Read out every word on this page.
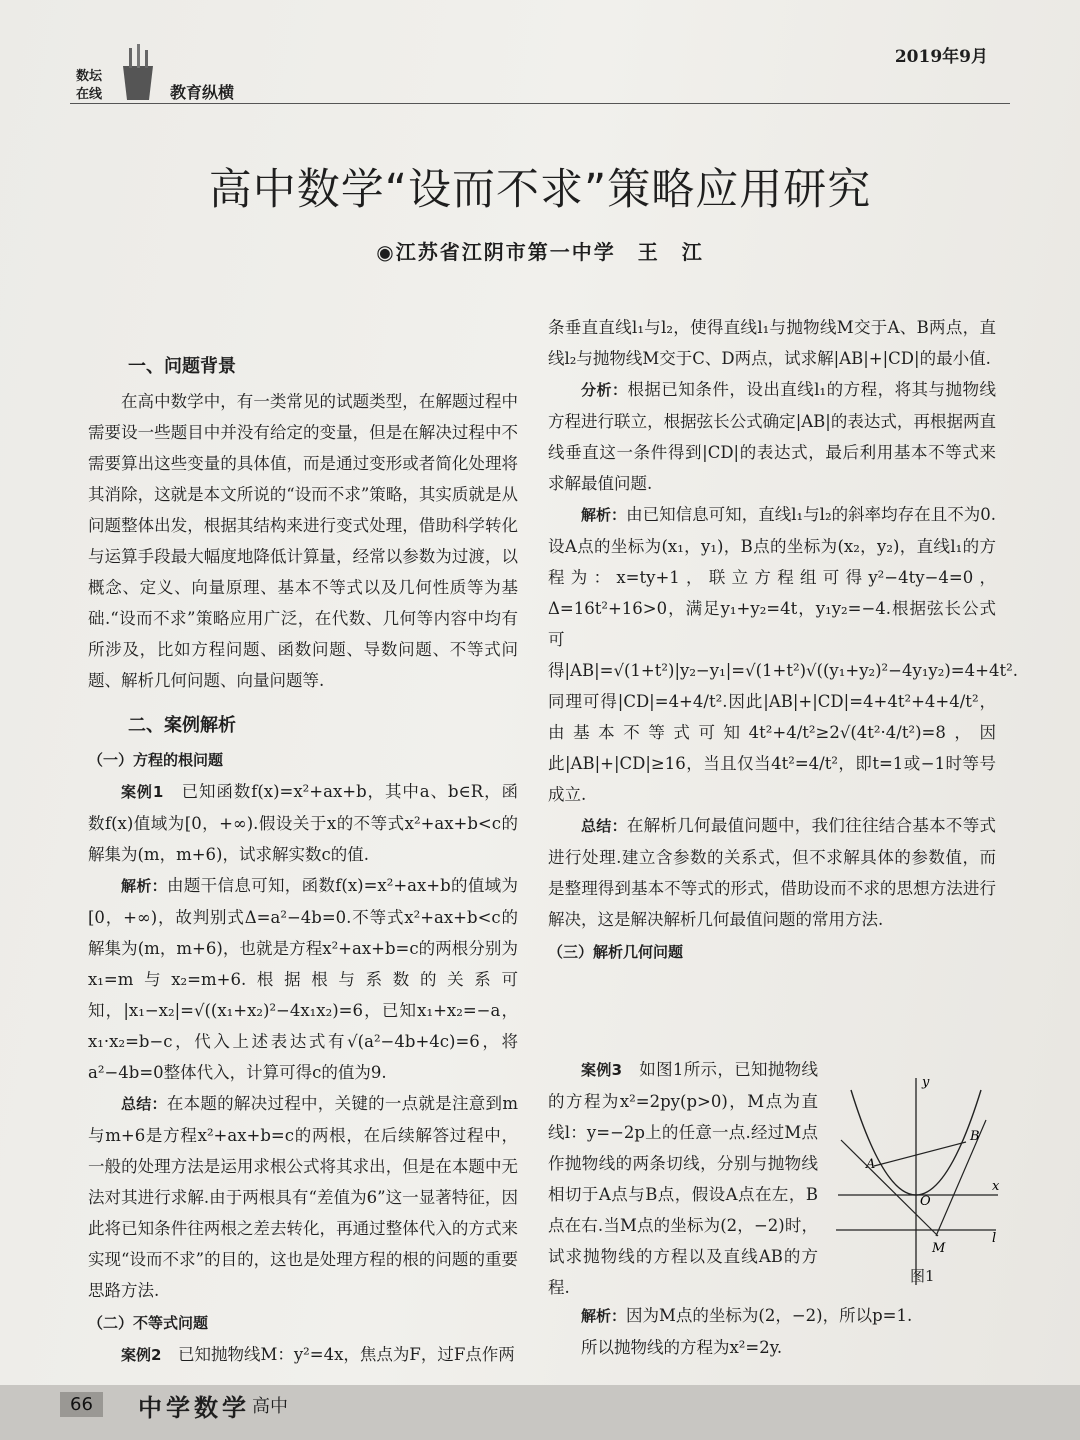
数坛
在线	教育纵横
2019年9月
高中数学“设而不求”策略应用研究
◉江苏省江阴市第一中学　王　江
一、问题背景

在高中数学中，有一类常见的试题类型，在解题过程中需要设一些题目中并没有给定的变量，但是在解决过程中不需要算出这些变量的具体值，而是通过变形或者简化处理将其消除，这就是本文所说的“设而不求”策略，其实质就是从问题整体出发，根据其结构来进行变式处理，借助科学转化与运算手段最大幅度地降低计算量，经常以参数为过渡，以概念、定义、向量原理、基本不等式以及几何性质等为基础.“设而不求”策略应用广泛，在代数、几何等内容中均有所涉及，比如方程问题、函数问题、导数问题、不等式问题、解析几何问题、向量问题等.

二、案例解析
（一）方程的根问题

案例1　 已知函数f(x)=x²+ax+b，其中a、b∈R，函数f(x)值域为[0，+∞).假设关于x的不等式x²+ax+b<c的解集为(m，m+6)，试求解实数c的值.

解析：由题干信息可知，函数f(x)=x²+ax+b的值域为[0，+∞)，故判别式Δ=a²−4b=0.不等式x²+ax+b<c的解集为(m，m+6)，也就是方程x²+ax+b=c的两根分别为x₁=m与x₂=m+6.根据根与系数的关系可知，|x₁−x₂|=√((x₁+x₂)²−4x₁x₂)=6，已知x₁+x₂=−a，x₁·x₂=b−c，代入上述表达式有√(a²−4b+4c)=6，将a²−4b=0整体代入，计算可得c的值为9.

总结：在本题的解决过程中，关键的一点就是注意到m与m+6是方程x²+ax+b=c的两根，在后续解答过程中，一般的处理方法是运用求根公式将其求出，但是在本题中无法对其进行求解.由于两根具有“差值为6”这一显著特征，因此将已知条件往两根之差去转化，再通过整体代入的方式来实现“设而不求”的目的，这也是处理方程的根的问题的重要思路方法.

（二）不等式问题

案例2　 已知抛物线M：y²=4x，焦点为F，过F点作两

条垂直直线l₁与l₂，使得直线l₁与抛物线M交于A、B两点，直线l₂与抛物线M交于C、D两点，试求解|AB|+|CD|的最小值.

分析：根据已知条件，设出直线l₁的方程，将其与抛物线方程进行联立，根据弦长公式确定|AB|的表达式，再根据两直线垂直这一条件得到|CD|的表达式，最后利用基本不等式来求解最值问题.

解析：由已知信息可知，直线l₁与l₂的斜率均存在且不为0.设A点的坐标为(x₁，y₁)，B点的坐标为(x₂，y₂)，直线l₁的方程为：x=ty+1，联立方程组可得y²−4ty−4=0，Δ=16t²+16>0，满足y₁+y₂=4t，y₁y₂=−4.根据弦长公式可得|AB|=√(1+t²)|y₂−y₁|=√(1+t²)√((y₁+y₂)²−4y₁y₂)=4+4t².同理可得|CD|=4+4/t².因此|AB|+|CD|=4+4t²+4+4/t²，由基本不等式可知4t²+4/t²≥2√(4t²·4/t²)=8，因此|AB|+|CD|≥16，当且仅当4t²=4/t²，即t=1或−1时等号成立.

总结：在解析几何最值问题中，我们往往结合基本不等式进行处理.建立含参数的关系式，但不求解具体的参数值，而是整理得到基本不等式的形式，借助设而不求的思想方法进行解决，这是解决解析几何最值问题的常用方法.

（三）解析几何问题

案例3　 如图1所示，已知抛物线的方程为x²=2py(p>0)，M点为直线l：y=−2p上的任意一点.经过M点作抛物线的两条切线，分别与抛物线相切于A点与B点，假设A点在左，B点在右.当M点的坐标为(2，−2)时，试求抛物线的方程以及直线AB的方程.

解析：因为M点的坐标为(2，−2)，所以p=1.

所以抛物线的方程为x²=2y.

y
x
O
A
B
M
l
图1
66	中学数学 高中
